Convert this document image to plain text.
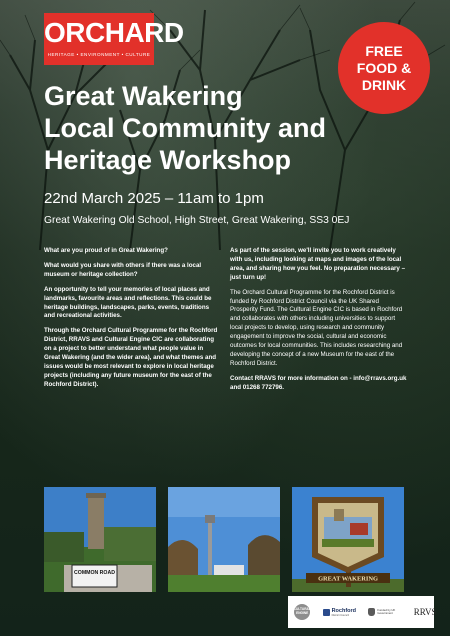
ORCHARD
HERITAGE • ENVIRONMENT • CULTURE	FREE
FOOD &
DRINK
Great Wakering
Local Community and
Heritage Workshop

22nd March 2025 – 11am to 1pm

Great Wakering Old School, High Street, Great Wakering, SS3 0EJ

What are you proud of in Great Wakering?

What would you share with others if there was a local museum or heritage collection?

An opportunity to tell your memories of local places and landmarks, favourite areas and reflections. This could be heritage buildings, landscapes, parks, events, traditions and recreational activities.

Through the Orchard Cultural Programme for the Rochford District, RRAVS and Cultural Engine CIC are collaborating on a project to better understand what people value in Great Wakering (and the wider area), and what themes and issues would be most relevant to explore in local heritage projects (including any future museum for the east of the Rochford District).

As part of the session, we'll invite you to work creatively with us, including looking at maps and images of the local area, and sharing how you feel. No preparation necessary – just turn up!

The Orchard Cultural Programme for the Rochford District is funded by Rochford District Council via the UK Shared Prosperity Fund. The Cultural Engine CIC is based in Rochford and collaborates with others including universities to support local projects to develop, using research and community engagement to improve the social, cultural and economic outcomes for local communities. This includes researching and developing the concept of a new Museum for the east of the Rochford District.

Contact RRAVS for more information on - info@rravs.org.uk and 01268 772796.

COMMON ROAD
GREAT WAKERING
CULTURAL ENGINE	Rochford
District Council
Funded by UK Government	RRVS
